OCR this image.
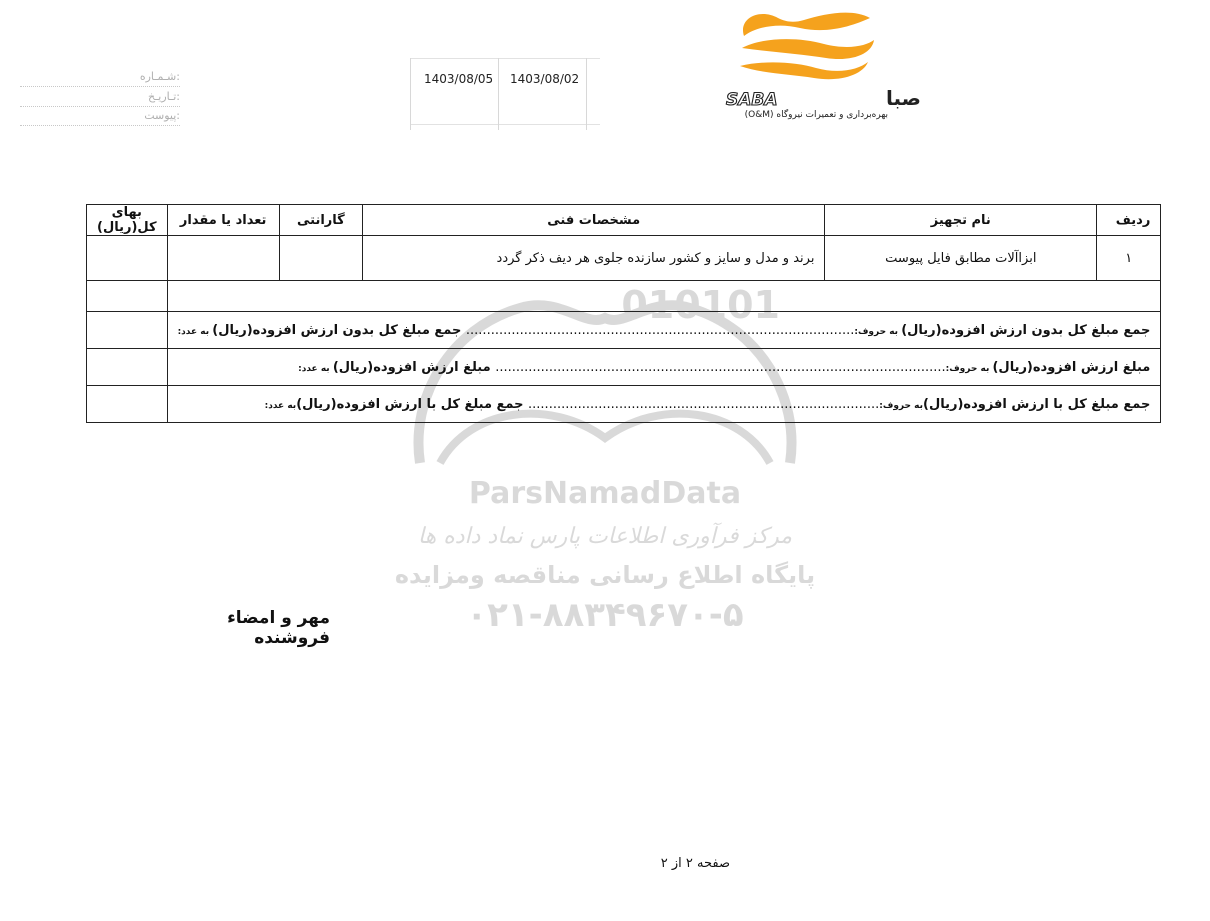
شـمـاره:
تـاريـخ:
پيوست:
1403/08/05 1403/08/02
SABA	صبا
بهره‌برداری و تعمیرات نیروگاه (O&M)
010101
ParsNamadData
مرکز فرآوری اطلاعات پارس نماد داده ها
پایگاه اطلاع رسانی مناقصه ومزایده
۰۲۱-۸۸۳۴۹۶۷۰-۵
ردیف	نام تجهیز	مشخصات فنی	گارانتی	تعداد یا مقدار	بهای کل(ریال)
۱	ابزاآلات مطابق فایل پیوست	برند و مدل و سایز و کشور سازنده جلوی هر دیف ذکر گردد			

جمع مبلغ کل بدون ارزش افزوده(ریال) به حروف:.............................................................................................. جمع مبلغ کل بدون ارزش افزوده(ریال) به عدد:					
مبلغ ارزش افزوده(ریال) به حروف:............................................................................................................. مبلغ ارزش افزوده(ریال) به عدد:					
جمع مبلغ کل با ارزش افزوده(ریال)به حروف:..................................................................................... جمع مبلغ کل با ارزش افزوده(ریال)به عدد:					
مهر و امضاء فروشنده
صفحه ۲ از ۲
